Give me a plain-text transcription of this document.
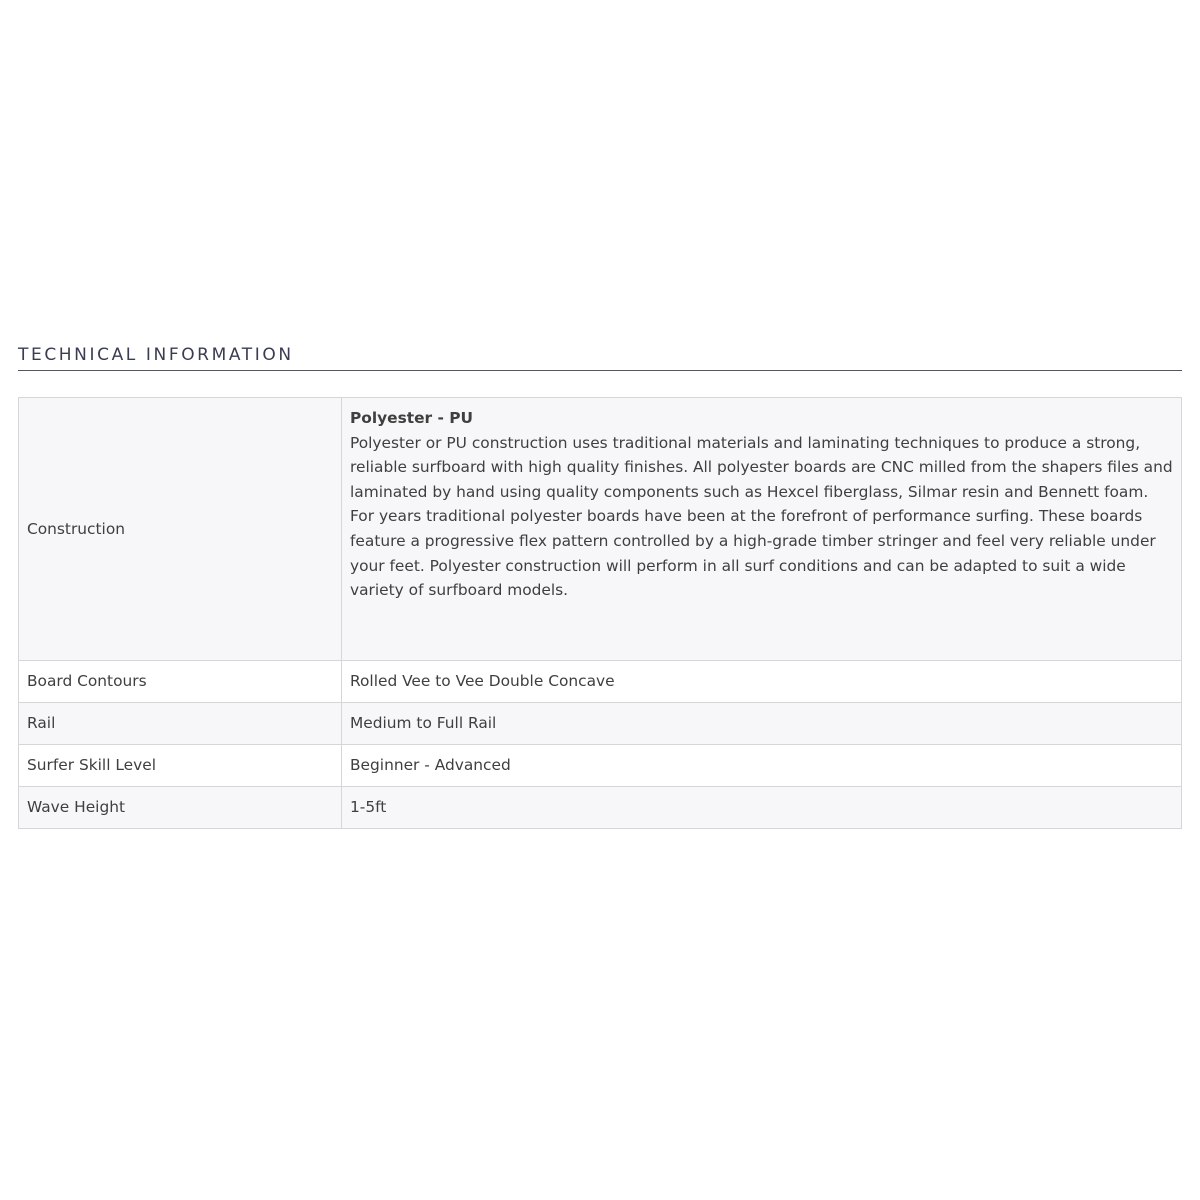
TECHNICAL INFORMATION
Construction	Polyester - PU
Polyester or PU construction uses traditional materials and laminating techniques to produce a strong, reliable surfboard with high quality finishes. All polyester boards are CNC milled from the shapers files and laminated by hand using quality components such as Hexcel fiberglass, Silmar resin and Bennett foam.
For years traditional polyester boards have been at the forefront of performance surfing. These boards feature a progressive flex pattern controlled by a high-grade timber stringer and feel very reliable under your feet. Polyester construction will perform in all surf conditions and can be adapted to suit a wide variety of surfboard models.

Board Contours	Rolled Vee to Vee Double Concave
Rail	Medium to Full Rail
Surfer Skill Level	Beginner - Advanced
Wave Height	1-5ft
